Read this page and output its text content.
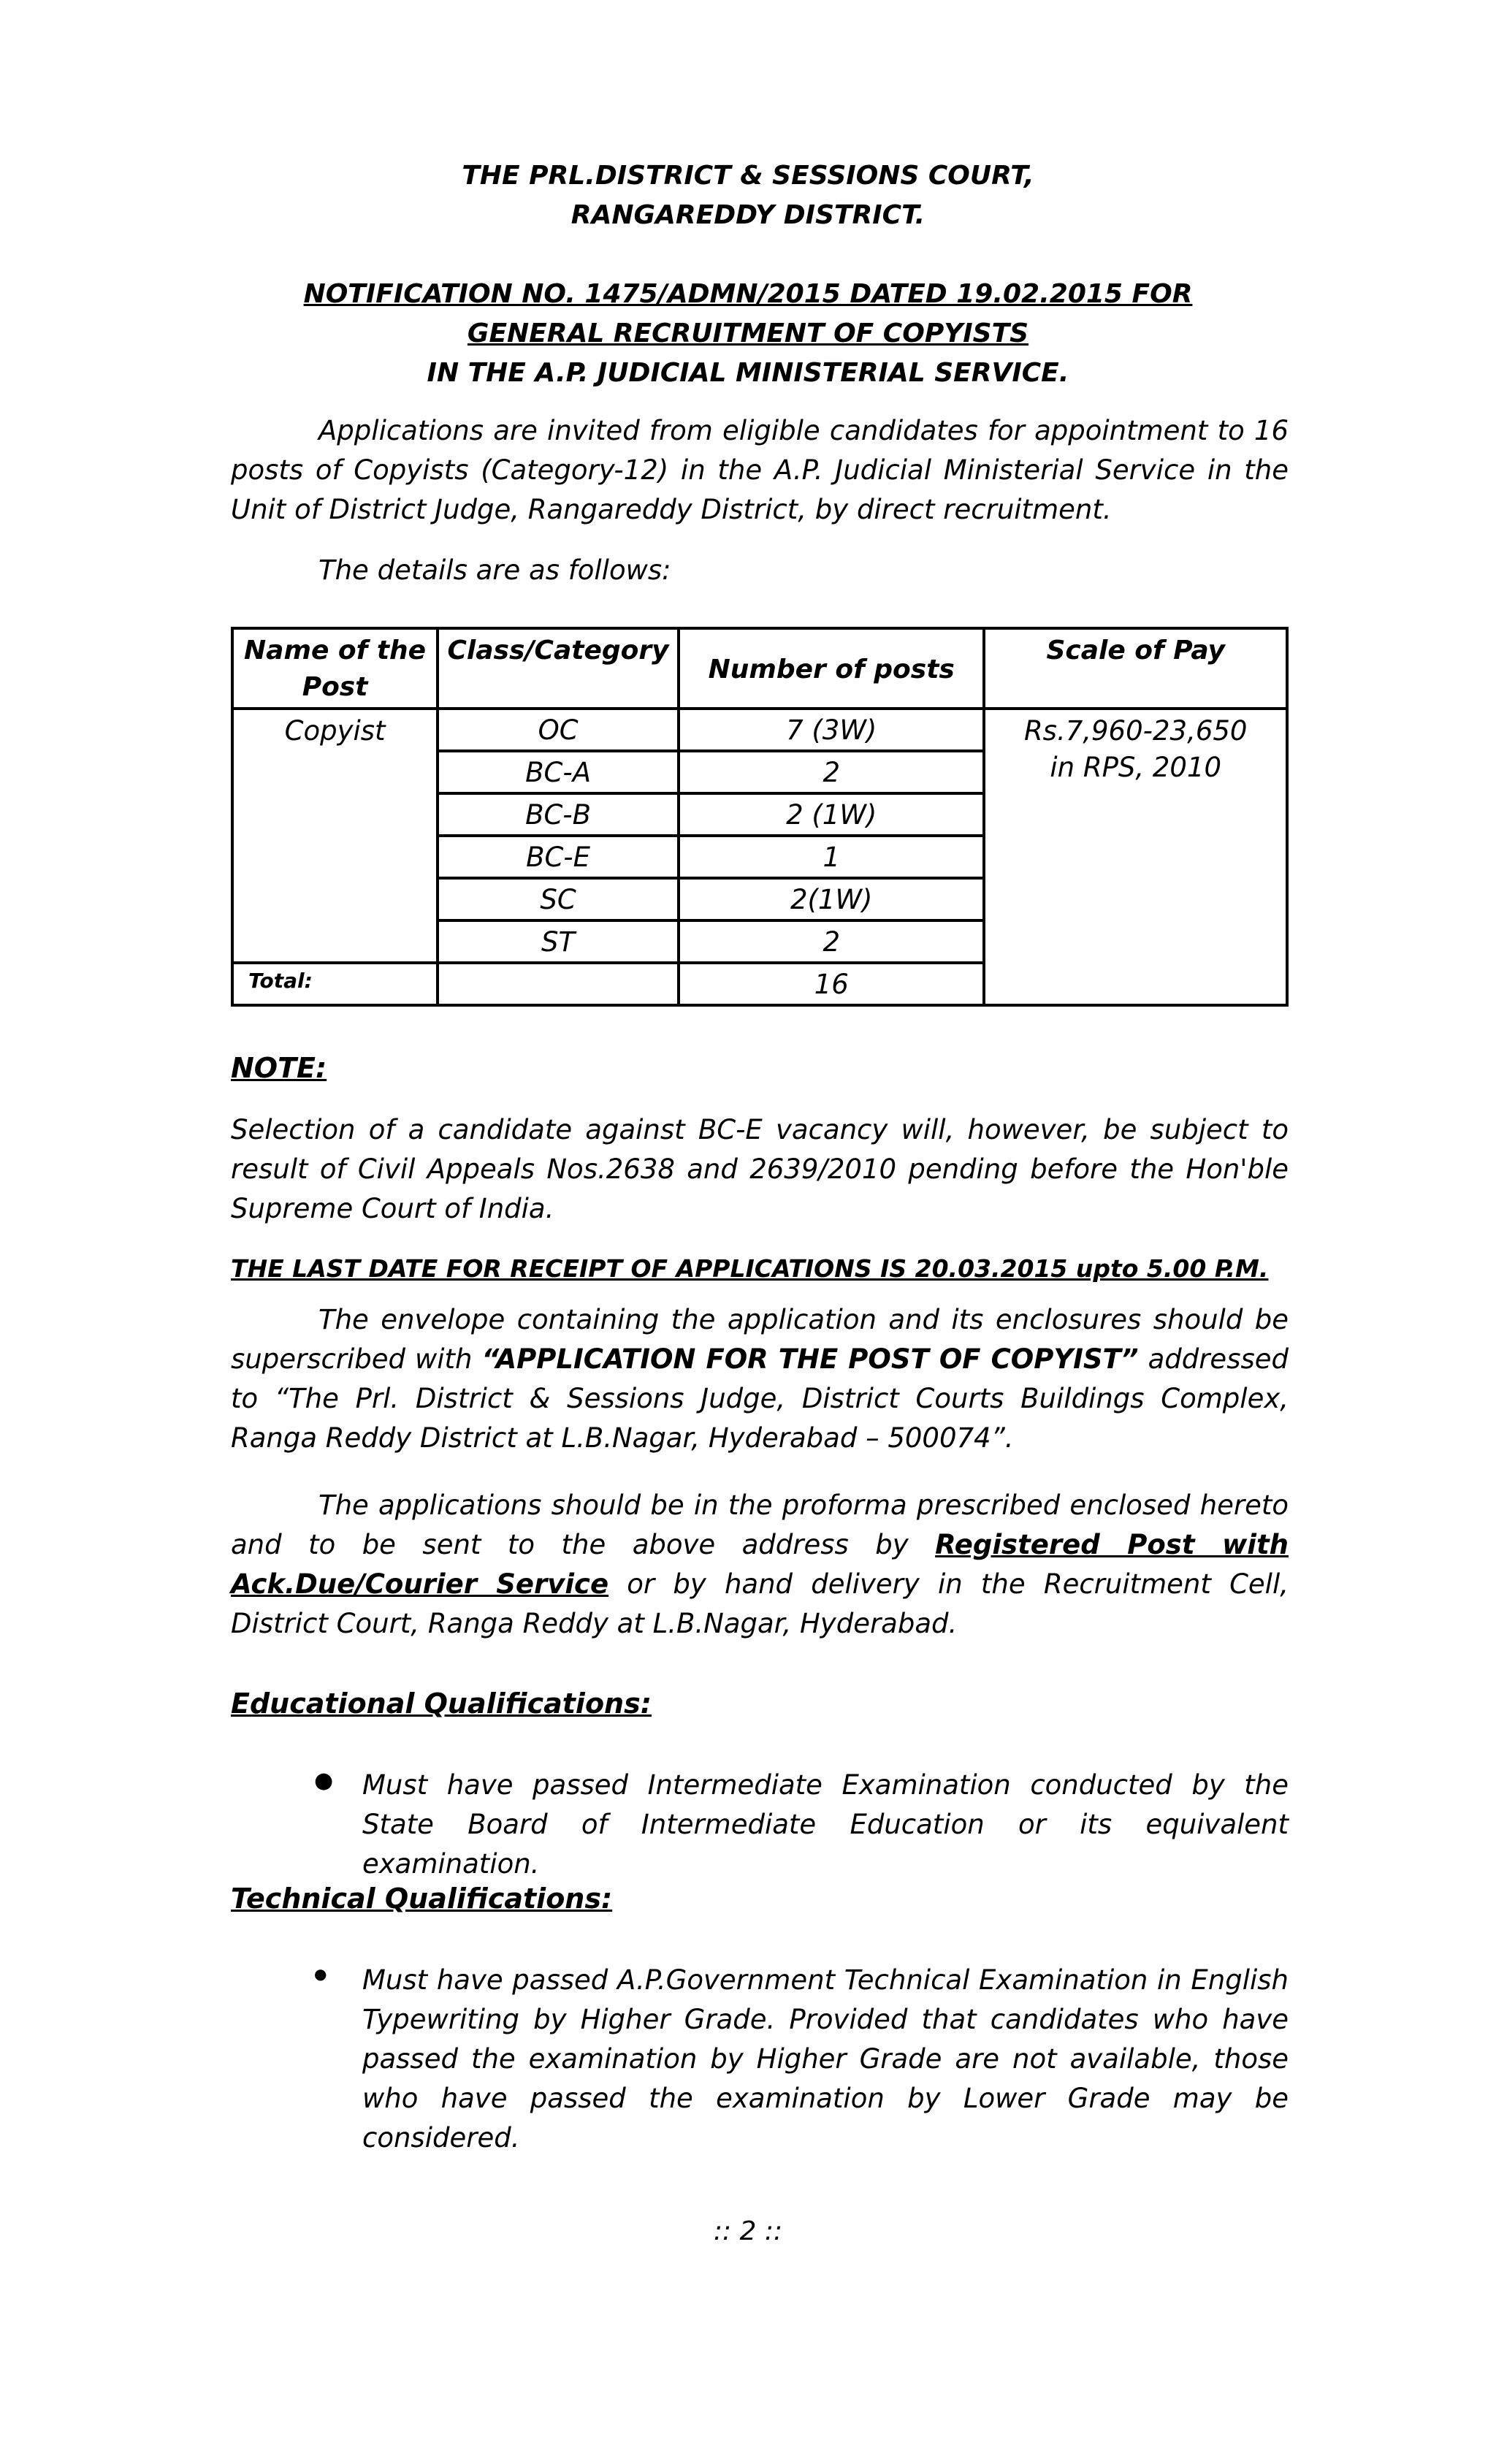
THE PRL.DISTRICT & SESSIONS COURT,
RANGAREDDY DISTRICT.
NOTIFICATION NO. 1475/ADMN/2015 DATED 19.02.2015 FOR
GENERAL RECRUITMENT OF COPYISTS
IN THE A.P. JUDICIAL MINISTERIAL SERVICE.
Applications are invited from eligible candidates for appointment to 16 posts of Copyists (Category-12) in the A.P. Judicial Ministerial Service in the Unit of District Judge, Rangareddy District, by direct recruitment.
The details are as follows:
Name of the Post	Class/Category	Number of posts	Scale of Pay
Copyist	OC	7 (3W)	Rs.7,960-23,650
in RPS, 2010

	BC-A	2	
	BC-B	2 (1W)	
	BC-E	1	
	SC	2(1W)	
	ST	2	
Total:		16	
NOTE:
Selection of a candidate against BC-E vacancy will, however, be subject to result of Civil Appeals Nos.2638 and 2639/2010 pending before the Hon'ble Supreme Court of India.
THE LAST DATE FOR RECEIPT OF APPLICATIONS IS 20.03.2015 upto 5.00 P.M.
The envelope containing the application and its enclosures should be superscribed with “APPLICATION FOR THE POST OF COPYIST” addressed to “The Prl. District & Sessions Judge, District Courts Buildings Complex, Ranga Reddy District at L.B.Nagar, Hyderabad – 500074”.
The applications should be in the proforma prescribed enclosed hereto and to be sent to the above address by Registered Post with Ack.Due/Courier Service or by hand delivery in the Recruitment Cell, District Court, Ranga Reddy at L.B.Nagar, Hyderabad.
Educational Qualifications:
● Must have passed Intermediate Examination conducted by the State Board of Intermediate Education or its equivalent examination.
Technical Qualifications:
● Must have passed A.P.Government Technical Examination in English Typewriting by Higher Grade. Provided that candidates who have passed the examination by Higher Grade are not available, those who have passed the examination by Lower Grade may be considered.
:: 2 ::
